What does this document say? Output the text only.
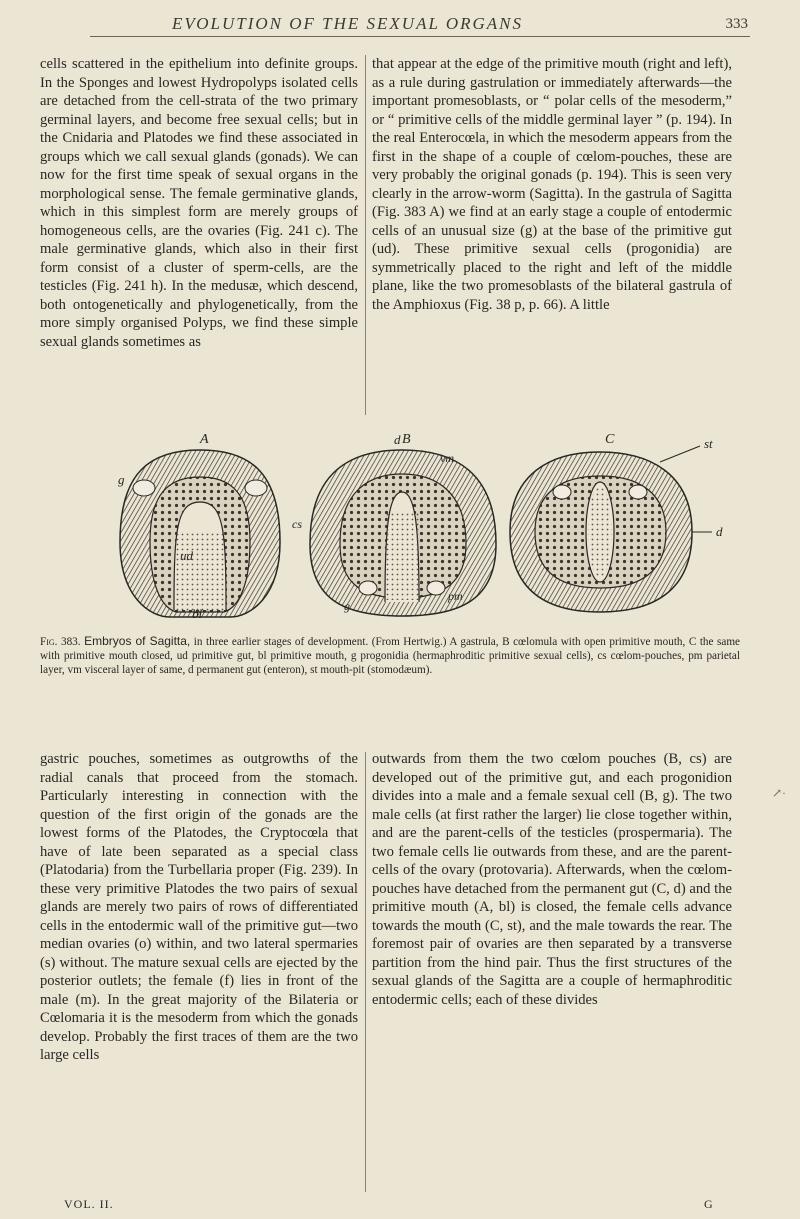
EVOLUTION OF THE SEXUAL ORGANS	333

cells scattered in the epithelium into definite groups. In the Sponges and lowest Hydropolyps isolated cells are detached from the cell-strata of the two primary germinal layers, and become free sexual cells; but in the Cnidaria and Platodes we find these associated in groups which we call sexual glands (gonads). We can now for the first time speak of sexual organs in the morphological sense. The female germinative glands, which in this simplest form are merely groups of homogeneous cells, are the ovaries (Fig. 241 c). The male germinative glands, which also in their first form consist of a cluster of sperm-cells, are the testicles (Fig. 241 h). In the medusæ, which descend, both ontogenetically and phylogenetically, from the more simply organised Polyps, we find these simple sexual glands sometimes as

that appear at the edge of the primitive mouth (right and left), as a rule during gastrulation or immediately afterwards—the important promesoblasts, or “ polar cells of the mesoderm,” or “ primitive cells of the middle germinal layer ” (p. 194). In the real Enterocœla, in which the mesoderm appears from the first in the shape of a couple of cœlom-pouches, these are very probably the original gonads (p. 194). This is seen very clearly in the arrow-worm (Sagitta). In the gastrula of Sagitta (Fig. 383 A) we find at an early stage a couple of entodermic cells of an unusual size (g) at the base of the primitive gut (ud). These primitive sexual cells (progonidia) are symmetrically placed to the right and left of the middle plane, like the two promesoblasts of the bilateral gastrula of the Amphioxus (Fig. 38 p, p. 66). A little

A	B	C
g
ud
bl
d
vm
cs
g
pm
st
d
Fig. 383. Embryos of Sagitta, in three earlier stages of development. (From Hertwig.) A gastrula, B cœlomula with open primitive mouth, C the same with primitive mouth closed, ud primitive gut, bl primitive mouth, g progonidia (hermaphroditic primitive sexual cells), cs cœlom-pouches, pm parietal layer, vm visceral layer of same, d permanent gut (enteron), st mouth-pit (stomodæum).

gastric pouches, sometimes as outgrowths of the radial canals that proceed from the stomach. Particularly interesting in connection with the question of the first origin of the gonads are the lowest forms of the Platodes, the Cryptocœla that have of late been separated as a special class (Platodaria) from the Turbellaria proper (Fig. 239). In these very primitive Platodes the two pairs of sexual glands are merely two pairs of rows of differentiated cells in the entodermic wall of the primitive gut—two median ovaries (o) within, and two lateral spermaries (s) without. The mature sexual cells are ejected by the posterior outlets; the female (f) lies in front of the male (m). In the great majority of the Bilateria or Cœlomaria it is the mesoderm from which the gonads develop. Probably the first traces of them are the two large cells

outwards from them the two cœlom pouches (B, cs) are developed out of the primitive gut, and each progonidion divides into a male and a female sexual cell (B, g). The two male cells (at first rather the larger) lie close together within, and are the parent-cells of the testicles (prospermaria). The two female cells lie outwards from these, and are the parent-cells of the ovary (protovaria). Afterwards, when the cœlom-pouches have detached from the permanent gut (C, d) and the primitive mouth (A, bl) is closed, the female cells advance towards the mouth (C, st), and the male towards the rear. The foremost pair of ovaries are then separated by a transverse partition from the hind pair. Thus the first structures of the sexual glands of the Sagitta are a couple of hermaphroditic entodermic cells; each of these divides

VOL. II.	G
↗·
